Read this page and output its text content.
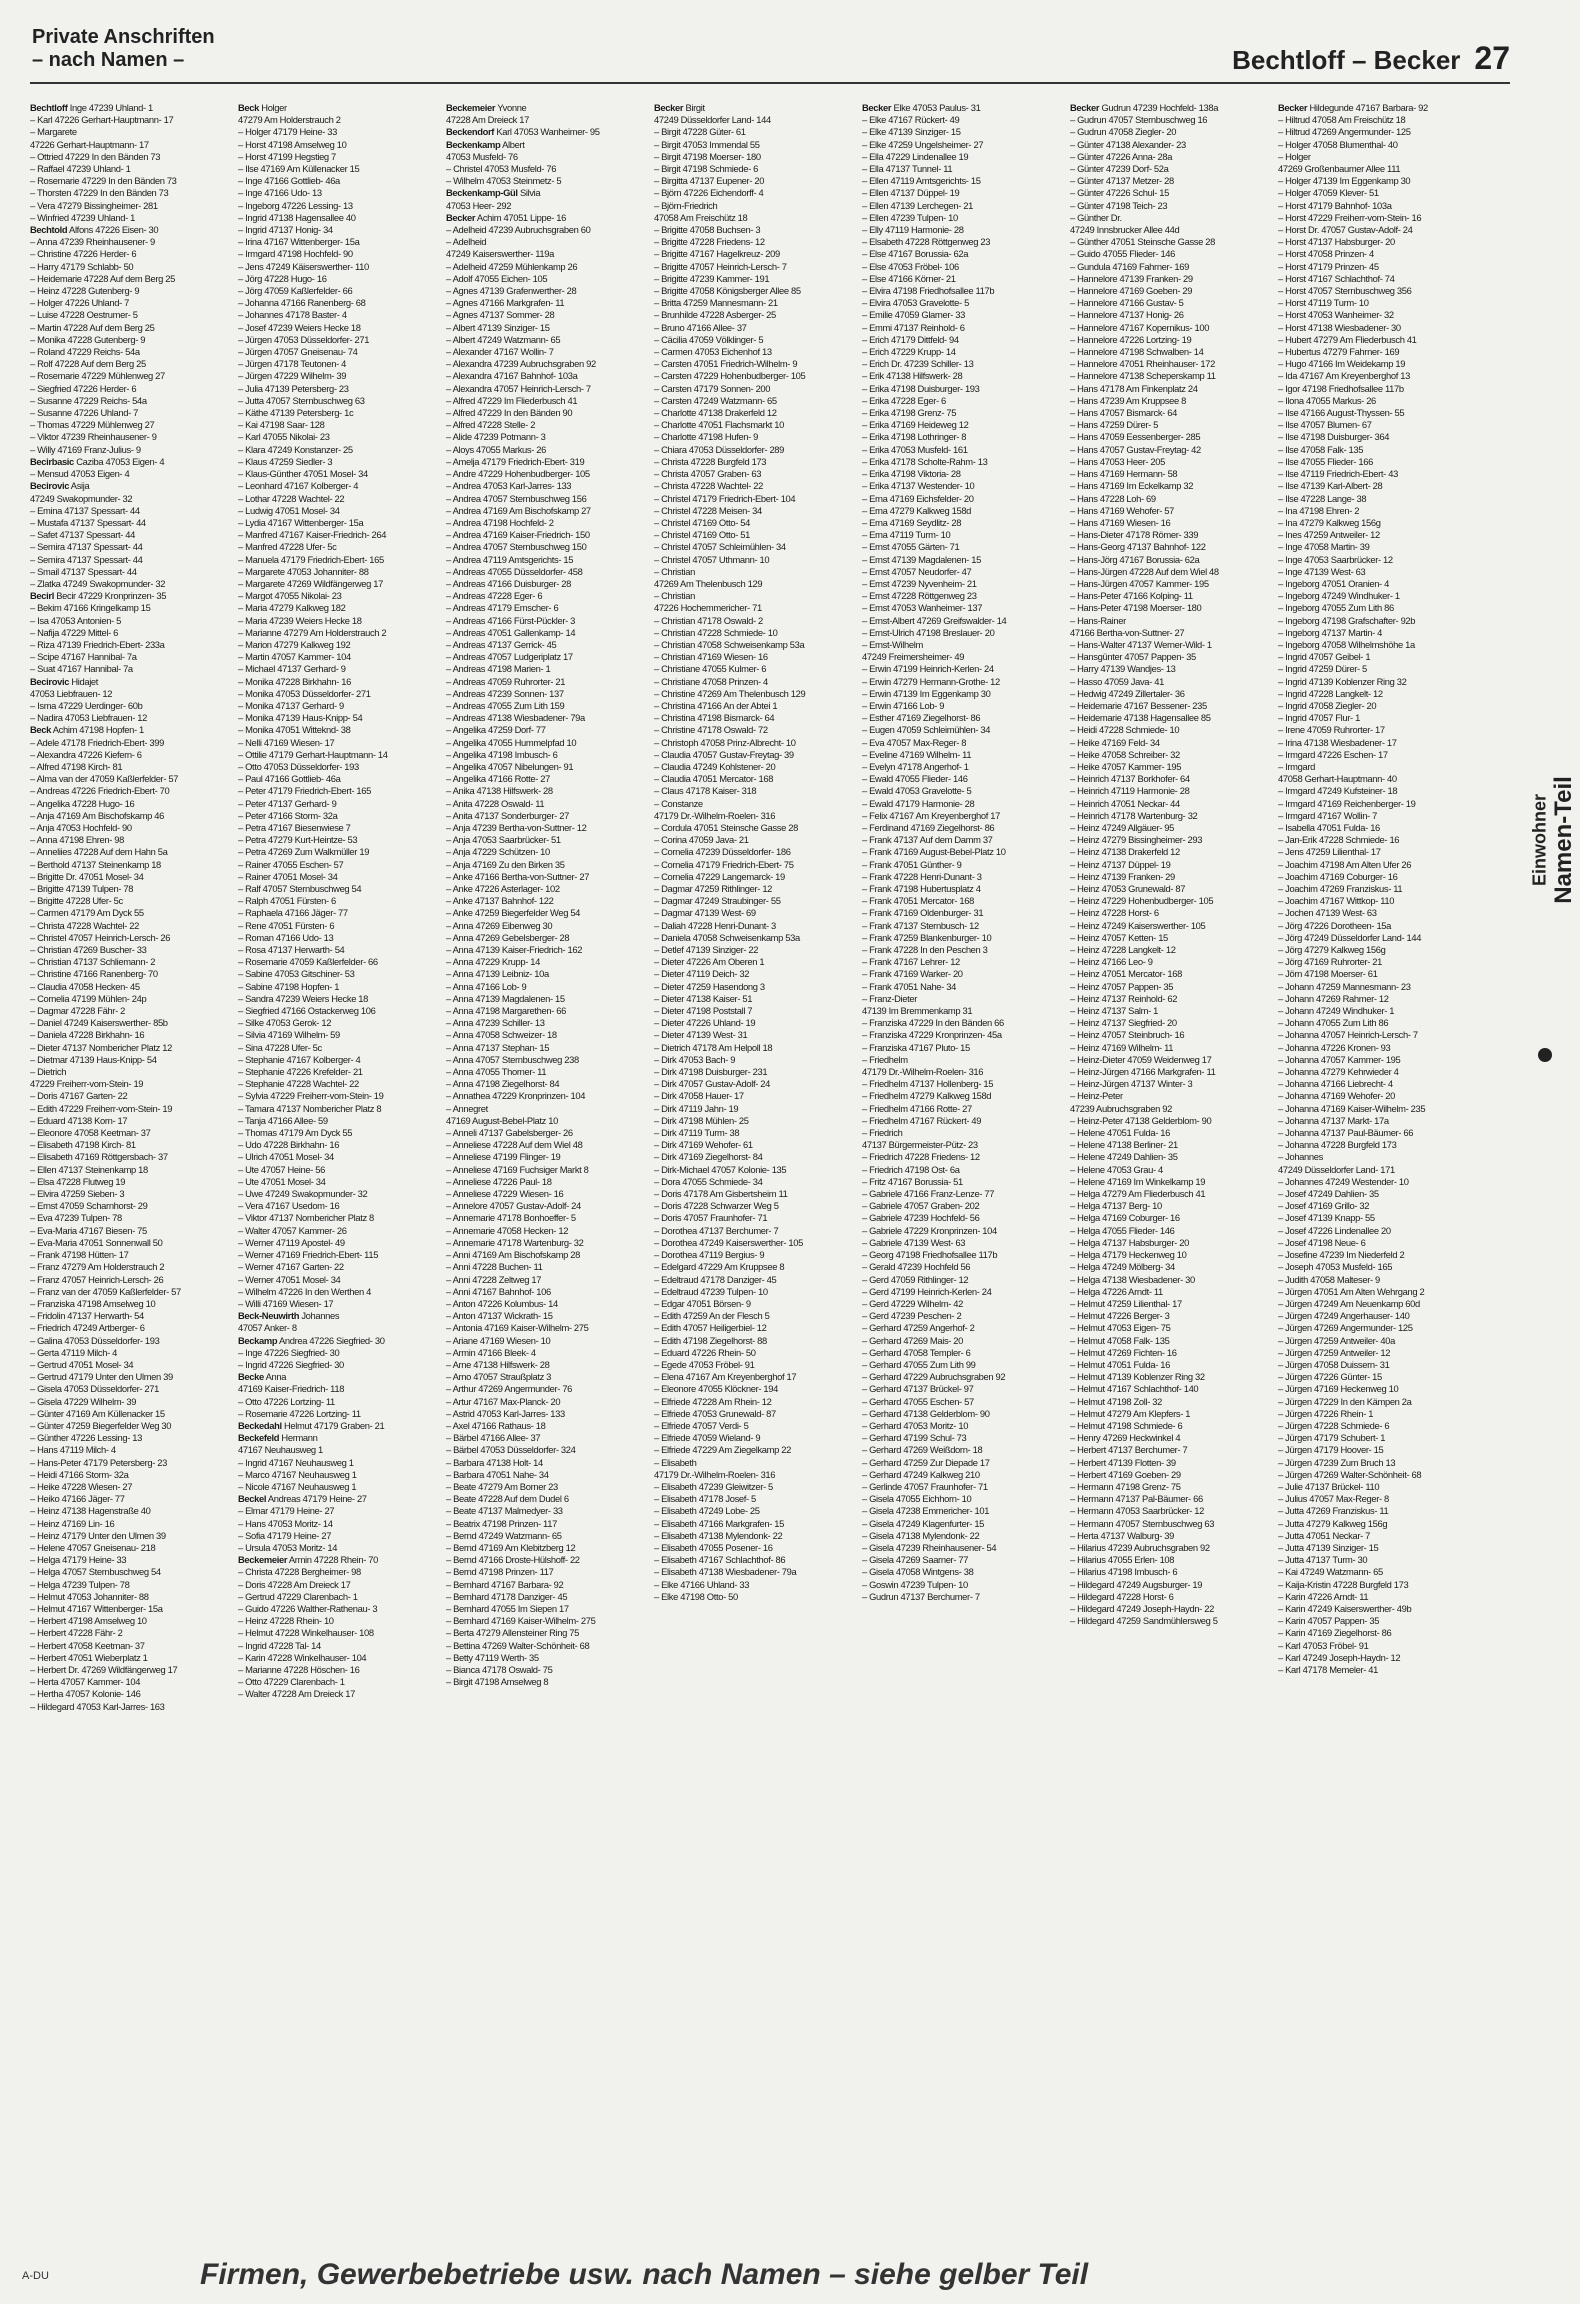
Private Anschriften
– nach Namen –	Bechtloff – Becker 27
Bechtloff Inge 47239 Uhland- 1
– Karl 47226 Gerhart-Hauptmann- 17
– Margarete
47226 Gerhart-Hauptmann- 17
– Ottried 47229 In den Bänden 73
– Raffael 47239 Uhland- 1
– Rosemarie 47229 In den Bänden 73
– Thorsten 47229 In den Bänden 73
– Vera 47279 Bissingheimer- 281
– Winfried 47239 Uhland- 1
Bechtold Alfons 47226 Eisen- 30
– Anna 47239 Rheinhausener- 9
– Christine 47226 Herder- 6
– Harry 47179 Schlabb- 50
– Heidemarie 47228 Auf dem Berg 25
– Heinz 47228 Gutenberg- 9
– Holger 47226 Uhland- 7
– Luise 47228 Oestrumer- 5
– Martin 47228 Auf dem Berg 25
– Monika 47228 Gutenberg- 9
– Roland 47229 Reichs- 54a
– Rolf 47228 Auf dem Berg 25
– Rosemarie 47229 Mühlenweg 27
– Siegfried 47226 Herder- 6
– Susanne 47229 Reichs- 54a
– Susanne 47226 Uhland- 7
– Thomas 47229 Mühlenweg 27
– Viktor 47239 Rheinhausener- 9
– Willy 47169 Franz-Julius- 9
Becirbasic Caziba 47053 Eigen- 4
– Mensud 47053 Eigen- 4
Becirovic Asija
47249 Swakopmunder- 32
– Emina 47137 Spessart- 44
– Mustafa 47137 Spessart- 44
– Safet 47137 Spessart- 44
– Semira 47137 Spessart- 44
– Semira 47137 Spessart- 44
– Smail 47137 Spessart- 44
– Zlatka 47249 Swakopmunder- 32
Becirl Becir 47229 Kronprinzen- 35
– Bekim 47166 Kringelkamp 15
– Isa 47053 Antonien- 5
– Nafija 47229 Mittel- 6
– Riza 47139 Friedrich-Ebert- 233a
– Scipe 47167 Hannibal- 7a
– Suat 47167 Hannibal- 7a
Becirovic Hidajet
47053 Liebfrauen- 12
– Isma 47229 Uerdinger- 60b
– Nadira 47053 Liebfrauen- 12
Beck Achim 47198 Hopfen- 1
– Adele 47178 Friedrich-Ebert- 399
– Alexandra 47226 Kiefern- 6
– Alfred 47198 Kirch- 81
– Alma van der 47059 Kaßlerfelder- 57
– Andreas 47226 Friedrich-Ebert- 70
– Angelika 47228 Hugo- 16
– Anja 47169 Am Bischofskamp 46
– Anja 47053 Hochfeld- 90
– Anna 47198 Ehren- 98
– Anneliies 47228 Auf dem Hahn 5a
– Berthold 47137 Steinenkamp 18
– Brigitte Dr. 47051 Mosel- 34
– Brigitte 47139 Tulpen- 78
– Brigitte 47228 Ufer- 5c
– Carmen 47179 Am Dyck 55
– Christa 47228 Wachtel- 22
– Christel 47057 Heinrich-Lersch- 26
– Christian 47269 Buscher- 33
– Christian 47137 Schliemann- 2
– Christine 47166 Ranenberg- 70
– Claudia 47058 Hecken- 45
– Cornelia 47199 Mühlen- 24p
– Dagmar 47228 Fähr- 2
– Daniel 47249 Kaiserswerther- 85b
– Daniela 47228 Birkhahn- 16
– Dieter 47137 Nombericher Platz 12
– Dietmar 47139 Haus-Knipp- 54
– Dietrich
47229 Freiherr-vom-Stein- 19
– Doris 47167 Garten- 22
– Edith 47229 Freiherr-vom-Stein- 19
– Eduard 47138 Korn- 17
– Eleonore 47058 Keetman- 37
– Elisabeth 47198 Kirch- 81
– Elisabeth 47169 Röttgersbach- 37
– Ellen 47137 Steinenkamp 18
– Elsa 47228 Flutweg 19
– Elvira 47259 Sieben- 3
– Ernst 47059 Scharnhorst- 29
– Eva 47239 Tulpen- 78
– Eva-Maria 47167 Biesen- 75
– Eva-Maria 47051 Sonnenwall 50
– Frank 47198 Hütten- 17
– Franz 47279 Am Holderstrauch 2
– Franz 47057 Heinrich-Lersch- 26
– Franz van der 47059 Kaßlerfelder- 57
– Franziska 47198 Amselweg 10
– Fridolin 47137 Herwarth- 54
– Friedrich 47249 Artberger- 6
– Galina 47053 Düsseldorfer- 193
– Gerta 47119 Milch- 4
– Gertrud 47051 Mosel- 34
– Gertrud 47179 Unter den Ulmen 39
– Gisela 47053 Düsseldorfer- 271
– Gisela 47229 Wilhelm- 39
– Günter 47169 Am Küllenacker 15
– Günter 47259 Biegerfelder Weg 30
– Günther 47226 Lessing- 13
– Hans 47119 Milch- 4
– Hans-Peter 47179 Petersberg- 23
– Heidi 47166 Storm- 32a
– Heike 47228 Wiesen- 27
– Heiko 47166 Jäger- 77
– Heinz 47138 Hagenstraße 40
– Heinz 47169 Lin- 16
– Heinz 47179 Unter den Ulmen 39
– Helene 47057 Gneisenau- 218
– Helga 47179 Heine- 33
– Helga 47057 Sternbuschweg 54
– Helga 47239 Tulpen- 78
– Helmut 47053 Johanniter- 88
– Helmut 47167 Wittenberger- 15a
– Herbert 47198 Amselweg 10
– Herbert 47228 Fähr- 2
– Herbert 47058 Keetman- 37
– Herbert 47051 Wieberplatz 1
– Herbert Dr. 47269 Wildfängerweg 17
– Herta 47057 Kammer- 104
– Hertha 47057 Kolonie- 146
– Hildegard 47053 Karl-Jarres- 163
Beck Holger
47279 Am Holderstrauch 2
– Holger 47179 Heine- 33
– Horst 47198 Amselweg 10
– Horst 47199 Hegstieg 7
– Ilse 47169 Am Küllenacker 15
– Inge 47166 Gottlieb- 46a
– Inge 47166 Udo- 13
– Ingeborg 47226 Lessing- 13
– Ingrid 47138 Hagensallee 40
– Ingrid 47137 Honig- 34
– Irina 47167 Wittenberger- 15a
– Irmgard 47198 Hochfeld- 90
– Jens 47249 Käiserswerther- 110
– Jörg 47228 Hugo- 16
– Jörg 47059 Kaßlerfelder- 66
– Johanna 47166 Ranenberg- 68
– Johannes 47178 Baster- 4
– Josef 47239 Weiers Hecke 18
– Jürgen 47053 Düsseldorfer- 271
– Jürgen 47057 Gneisenau- 74
– Jürgen 47178 Teutonen- 4
– Jürgen 47229 Wilhelm- 39
– Julia 47139 Petersberg- 23
– Jutta 47057 Sternbuschweg 63
– Käthe 47139 Petersberg- 1c
– Kai 47198 Saar- 128
– Karl 47055 Nikolai- 23
– Klara 47249 Konstanzer- 25
– Klaus 47259 Siedler- 3
– Klaus-Günther 47051 Mosel- 34
– Leonhard 47167 Kolberger- 4
– Lothar 47228 Wachtel- 22
– Ludwig 47051 Mosel- 34
– Lydia 47167 Wittenberger- 15a
– Manfred 47167 Kaiser-Friedrich- 264
– Manfred 47228 Ufer- 5c
– Manuela 47179 Friedrich-Ebert- 165
– Margarete 47053 Johanniter- 88
– Margarete 47269 Wildfängerweg 17
– Margot 47055 Nikolai- 23
– Maria 47279 Kalkweg 182
– Maria 47239 Weiers Hecke 18
– Marianne 47279 Am Holderstrauch 2
– Marion 47279 Kalkweg 192
– Martin 47057 Kammer- 104
– Michael 47137 Gerhard- 9
– Monika 47228 Birkhahn- 16
– Monika 47053 Düsseldorfer- 271
– Monika 47137 Gerhard- 9
– Monika 47139 Haus-Knipp- 54
– Monika 47051 Witteknd- 38
– Nelli 47169 Wiesen- 17
– Ottilie 47179 Gerhart-Hauptmann- 14
– Otto 47053 Düsseldorfer- 193
– Paul 47166 Gottlieb- 46a
– Peter 47179 Friedrich-Ebert- 165
– Peter 47137 Gerhard- 9
– Peter 47166 Storm- 32a
– Petra 47167 Biesenwiese 7
– Petra 47279 Kurt-Heintze- 53
– Petra 47269 Zum Walkmüller 19
– Rainer 47055 Eschen- 57
– Rainer 47051 Mosel- 34
– Ralf 47057 Sternbuschweg 54
– Ralph 47051 Fürsten- 6
– Raphaela 47166 Jäger- 77
– Rene 47051 Fürsten- 6
– Roman 47166 Udo- 13
– Rosa 47137 Herwarth- 54
– Rosemarie 47059 Kaßlerfelder- 66
– Sabine 47053 Gitschiner- 53
– Sabine 47198 Hopfen- 1
– Sandra 47239 Weiers Hecke 18
– Siegfried 47166 Ostackerweg 106
– Silke 47053 Gerok- 12
– Silvia 47169 Wilhelm- 59
– Sina 47228 Ufer- 5c
– Stephanie 47167 Kolberger- 4
– Stephanie 47226 Krefelder- 21
– Stephanie 47228 Wachtel- 22
– Sylvia 47229 Freiherr-vom-Stein- 19
– Tamara 47137 Nombericher Platz 8
– Tanja 47166 Allee- 59
– Thomas 47179 Am Dyck 55
– Udo 47228 Birkhahn- 16
– Ulrich 47051 Mosel- 34
– Ute 47057 Heine- 56
– Ute 47051 Mosel- 34
– Uwe 47249 Swakopmunder- 32
– Vera 47167 Usedom- 16
– Viktor 47137 Nombericher Platz 8
– Walter 47057 Kammer- 26
– Werner 47119 Apostel- 49
– Werner 47169 Friedrich-Ebert- 115
– Werner 47167 Garten- 22
– Werner 47051 Mosel- 34
– Wilhelm 47226 In den Werthen 4
– Willi 47169 Wiesen- 17
Beck-Neuwirth Johannes
47057 Anker- 8
Beckamp Andrea 47226 Siegfried- 30
– Inge 47226 Siegfried- 30
– Ingrid 47226 Siegfried- 30
Becke Anna
47169 Kaiser-Friedrich- 118
– Otto 47226 Lortzing- 11
– Rosemarie 47226 Lortzing- 11
Beckedahl Helmut 47179 Graben- 21
Beckefeld Hermann
47167 Neuhausweg 1
– Ingrid 47167 Neuhausweg 1
– Marco 47167 Neuhausweg 1
– Nicole 47167 Neuhausweg 1
Beckel Andreas 47179 Heine- 27
– Elmar 47179 Heine- 27
– Hans 47053 Moritz- 14
– Sofia 47179 Heine- 27
– Ursula 47053 Moritz- 14
Beckemeier Armin 47228 Rhein- 70
– Christa 47228 Bergheimer- 98
– Doris 47228 Am Dreieck 17
– Gertrud 47229 Clarenbach- 1
– Guido 47226 Walther-Rathenau- 3
– Heinz 47228 Rhein- 10
– Helmut 47228 Winkelhauser- 108
– Ingrid 47228 Tal- 14
– Karin 47228 Winkelhauser- 104
– Marianne 47228 Höschen- 16
– Otto 47229 Clarenbach- 1
– Walter 47228 Am Dreieck 17
Beckemeier Yvonne
47228 Am Dreieck 17
Beckendorf Karl 47053 Wanheimer- 95
Beckenkamp Albert
47053 Musfeld- 76
– Christel 47053 Musfeld- 76
– Wilhelm 47053 Steinmetz- 5
Beckenkamp-Gül Silvia
47053 Heer- 292
Becker Achim 47051 Lippe- 16
– Adelheid 47239 Aubruchsgraben 60
– Adelheid
47249 Kaiserswerther- 119a
– Adelheid 47259 Mühlenkamp 26
– Adolf 47055 Eichen- 105
– Agnes 47139 Grafenwerther- 28
– Agnes 47166 Markgrafen- 11
– Agnes 47137 Sommer- 28
– Albert 47139 Sinziger- 15
– Albert 47249 Watzmann- 65
– Alexander 47167 Wollin- 7
– Alexandra 47239 Aubruchsgraben 92
– Alexandra 47167 Bahnhof- 103a
– Alexandra 47057 Heinrich-Lersch- 7
– Alfred 47229 Im Fliederbusch 41
– Alfred 47229 In den Bänden 90
– Alfred 47228 Stelle- 2
– Alide 47239 Potmann- 3
– Aloys 47055 Markus- 26
– Amelja 47179 Friedrich-Ebert- 319
– Andre 47229 Hohenbudberger- 105
– Andrea 47053 Karl-Jarres- 133
– Andrea 47057 Sternbuschweg 156
– Andrea 47169 Am Bischofskamp 27
– Andrea 47198 Hochfeld- 2
– Andrea 47169 Kaiser-Friedrich- 150
– Andrea 47057 Sternbuschweg 150
– Andrea 47119 Amtsgerichts- 15
– Andreas 47055 Düsseldorfer- 458
– Andreas 47166 Duisburger- 28
– Andreas 47228 Eger- 6
– Andreas 47179 Emscher- 6
– Andreas 47166 Fürst-Pückler- 3
– Andreas 47051 Gallenkamp- 14
– Andreas 47137 Gerrick- 45
– Andreas 47057 Ludgeriplatz 17
– Andreas 47198 Marien- 1
– Andreas 47059 Ruhrorter- 21
– Andreas 47239 Sonnen- 137
– Andreas 47055 Zum Lith 159
– Andreas 47138 Wiesbadener- 79a
– Angelika 47259 Dorf- 77
– Angelika 47055 Hummelpfad 10
– Angelika 47198 Imbusch- 6
– Angelika 47057 Nibelungen- 91
– Angelika 47166 Rotte- 27
– Anika 47138 Hilfswerk- 28
– Anita 47228 Oswald- 11
– Anita 47137 Sonderburger- 27
– Anja 47239 Bertha-von-Suttner- 12
– Anja 47053 Saarbrücker- 51
– Anja 47229 Schützen- 10
– Anja 47169 Zu den Birken 35
– Anke 47166 Bertha-von-Suttner- 27
– Anke 47226 Asterlager- 102
– Anke 47137 Bahnhof- 122
– Anke 47259 Biegerfelder Weg 54
– Anna 47269 Eibenweg 30
– Anna 47269 Gebelsberger- 28
– Anna 47139 Kaiser-Friedrich- 162
– Anna 47229 Krupp- 14
– Anna 47139 Leibniz- 10a
– Anna 47166 Lob- 9
– Anna 47139 Magdalenen- 15
– Anna 47198 Margarethen- 66
– Anna 47239 Schiller- 13
– Anna 47058 Schweizer- 18
– Anna 47137 Stephan- 15
– Anna 47057 Sternbuschweg 238
– Anna 47055 Thorner- 11
– Anna 47198 Ziegelhorst- 84
– Annathea 47229 Kronprinzen- 104
– Annegret
47169 August-Bebel-Platz 10
– Anneli 47137 Gabelsberger- 26
– Anneliese 47228 Auf dem Wiel 48
– Anneliese 47199 Flinger- 19
– Anneliese 47169 Fuchsiger Markt 8
– Anneliese 47226 Paul- 18
– Anneliese 47229 Wiesen- 16
– Annelore 47057 Gustav-Adolf- 24
– Annemarie 47178 Bonhoeffer- 5
– Annemarie 47058 Hecken- 12
– Annemarie 47178 Wartenburg- 32
– Anni 47169 Am Bischofskamp 28
– Anni 47228 Buchen- 11
– Anni 47228 Zeltweg 17
– Anni 47167 Bahnhof- 106
– Anton 47226 Kolumbus- 14
– Anton 47137 Wickrath- 15
– Antonia 47169 Kaiser-Wilhelm- 275
– Ariane 47169 Wiesen- 10
– Armin 47166 Bleek- 4
– Arne 47138 Hilfswerk- 28
– Arno 47057 Straußplatz 3
– Arthur 47269 Angermunder- 76
– Artur 47167 Max-Planck- 20
– Astrid 47053 Karl-Jarres- 133
– Axel 47166 Rathaus- 18
– Bärbel 47166 Allee- 37
– Bärbel 47053 Düsseldorfer- 324
– Barbara 47138 Holt- 14
– Barbara 47051 Nahe- 34
– Beate 47279 Am Borner 23
– Beate 47228 Auf dem Dudel 6
– Beate 47137 Malmedyer- 33
– Beatrix 47198 Prinzen- 117
– Bernd 47249 Watzmann- 65
– Bernd 47169 Am Klebitzberg 12
– Bernd 47166 Droste-Hülshoff- 22
– Bernd 47198 Prinzen- 117
– Bernhard 47167 Barbara- 92
– Bernhard 47178 Danziger- 45
– Bernhard 47055 Im Siepen 17
– Bernhard 47169 Kaiser-Wilhelm- 275
– Berta 47279 Allensteiner Ring 75
– Bettina 47269 Walter-Schönheit- 68
– Betty 47119 Werth- 35
– Bianca 47178 Oswald- 75
– Birgit 47198 Amselweg 8
Becker Birgit
47249 Düsseldorfer Land- 144
– Birgit 47228 Güter- 61
– Birgit 47053 Immendal 55
– Birgit 47198 Moerser- 180
– Birgit 47198 Schmiede- 6
– Birgitta 47137 Eupener- 20
– Björn 47226 Eichendorff- 4
– Björn-Friedrich
47058 Am Freischütz 18
– Brigitte 47058 Buchsen- 3
– Brigitte 47228 Friedens- 12
– Brigitte 47167 Hagelkreuz- 209
– Brigitte 47057 Heinrich-Lersch- 7
– Brigitte 47239 Kammer- 191
– Brigitte 47058 Königsberger Allee 85
– Britta 47259 Mannesmann- 21
– Brunhilde 47228 Asberger- 25
– Bruno 47166 Allee- 37
– Cäcilia 47059 Völklinger- 5
– Carmen 47053 Eichenhof 13
– Carsten 47051 Friedrich-Wilhelm- 9
– Carsten 47229 Hohenbudberger- 105
– Carsten 47179 Sonnen- 200
– Carsten 47249 Watzmann- 65
– Charlotte 47138 Drakerfeld 12
– Charlotte 47051 Flachsmarkt 10
– Charlotte 47198 Hufen- 9
– Chiara 47053 Düsseldorfer- 289
– Christa 47228 Burgfeld 173
– Christa 47057 Graben- 63
– Christa 47228 Wachtel- 22
– Christel 47179 Friedrich-Ebert- 104
– Christel 47228 Meisen- 34
– Christel 47169 Otto- 54
– Christel 47169 Otto- 51
– Christel 47057 Schleimühlen- 34
– Christel 47057 Uthmann- 10
– Christian
47269 Am Thelenbusch 129
– Christian
47226 Hochemmericher- 71
– Christian 47178 Oswald- 2
– Christian 47228 Schmiede- 10
– Christian 47058 Schweisenkamp 53a
– Christian 47169 Wiesen- 16
– Christiane 47055 Kulmer- 6
– Christiane 47058 Prinzen- 4
– Christine 47269 Am Thelenbusch 129
– Christina 47166 An der Abtei 1
– Christina 47198 Bismarck- 64
– Christine 47178 Oswald- 72
– Christoph 47058 Prinz-Albrecht- 10
– Claudia 47057 Gustav-Freytag- 39
– Claudia 47249 Kohlstener- 20
– Claudia 47051 Mercator- 168
– Claus 47178 Kaiser- 318
– Constanze
47179 Dr.-Wilhelm-Roelen- 316
– Cordula 47051 Steinsche Gasse 28
– Corina 47059 Java- 21
– Cornelia 47239 Düsseldorfer- 186
– Cornelia 47179 Friedrich-Ebert- 75
– Cornelia 47229 Langemarck- 19
– Dagmar 47259 Rithlinger- 12
– Dagmar 47249 Straubinger- 55
– Dagmar 47139 West- 69
– Daliah 47228 Henri-Dunant- 3
– Daniela 47058 Schweisenkamp 53a
– Detlef 47139 Sinziger- 22
– Dieter 47226 Am Oberen 1
– Dieter 47119 Deich- 32
– Dieter 47259 Hasendong 3
– Dieter 47138 Kaiser- 51
– Dieter 47198 Poststall 7
– Dieter 47226 Uhland- 19
– Dieter 47139 West- 31
– Dietrich 47178 Am Helpoll 18
– Dirk 47053 Bach- 9
– Dirk 47198 Duisburger- 231
– Dirk 47057 Gustav-Adolf- 24
– Dirk 47058 Hauer- 17
– Dirk 47119 Jahn- 19
– Dirk 47198 Mühlen- 25
– Dirk 47119 Turm- 38
– Dirk 47169 Wehofer- 61
– Dirk 47169 Ziegelhorst- 84
– Dirk-Michael 47057 Kolonie- 135
– Dora 47055 Schmiede- 34
– Doris 47178 Am Gisbertsheim 11
– Doris 47228 Schwarzer Weg 5
– Doris 47057 Fraunhofer- 71
– Dorothea 47137 Berchumer- 7
– Dorothea 47249 Kaiserswerther- 105
– Dorothea 47119 Bergius- 9
– Edelgard 47229 Am Kruppsee 8
– Edeltraud 47178 Danziger- 45
– Edeltraud 47239 Tulpen- 10
– Edgar 47051 Börsen- 9
– Edith 47259 An der Flesch 5
– Edith 47057 Heiligerbiel- 12
– Edith 47198 Ziegelhorst- 88
– Eduard 47226 Rhein- 50
– Egede 47053 Fröbel- 91
– Elena 47167 Am Kreyenberghof 17
– Eleonore 47055 Klöckner- 194
– Elfriede 47228 Am Rhein- 12
– Elfriede 47053 Grunewald- 87
– Elfriede 47057 Verdi- 5
– Elfriede 47059 Wieland- 9
– Elfriede 47229 Am Ziegelkamp 22
– Elisabeth
47179 Dr.-Wilhelm-Roelen- 316
– Elisabeth 47239 Gleiwitzer- 5
– Elisabeth 47178 Josef- 5
– Elisabeth 47249 Lobe- 25
– Elisabeth 47166 Markgrafen- 15
– Elisabeth 47138 Mylendonk- 22
– Elisabeth 47055 Posener- 16
– Elisabeth 47167 Schlachthof- 86
– Elisabeth 47138 Wiesbadener- 79a
– Elke 47166 Uhland- 33
– Elke 47198 Otto- 50
Becker Elke 47053 Paulus- 31
– Elke 47167 Rückert- 49
– Elke 47139 Sinziger- 15
– Elke 47259 Ungelsheimer- 27
– Ella 47229 Lindenallee 19
– Ella 47137 Tunnel- 11
– Ellen 47119 Amtsgerichts- 15
– Ellen 47137 Düppel- 19
– Ellen 47139 Lerchegen- 21
– Ellen 47239 Tulpen- 10
– Elly 47119 Harmonie- 28
– Elsabeth 47228 Röttgenweg 23
– Else 47167 Borussia- 62a
– Else 47053 Fröbel- 106
– Else 47166 Körner- 21
– Elvira 47198 Friedhofsallee 117b
– Elvira 47053 Gravelotte- 5
– Emilie 47059 Glarner- 33
– Emmi 47137 Reinhold- 6
– Erich 47179 Dittfeld- 94
– Erich 47229 Krupp- 14
– Erich Dr. 47239 Schiller- 13
– Erik 47138 Hilfswerk- 28
– Erika 47198 Duisburger- 193
– Erika 47228 Eger- 6
– Erika 47198 Grenz- 75
– Erika 47169 Heideweg 12
– Erika 47198 Lothringer- 8
– Erika 47053 Musfeld- 161
– Erika 47178 Scholte-Rahm- 13
– Erika 47198 Viktoria- 28
– Erika 47137 Westender- 10
– Erna 47169 Eichsfelder- 20
– Erna 47279 Kalkweg 158d
– Erna 47169 Seydlitz- 28
– Erna 47119 Turm- 10
– Ernst 47055 Gärten- 71
– Ernst 47139 Magdalenen- 15
– Ernst 47057 Neudorfer- 47
– Ernst 47239 Nyvenheim- 21
– Ernst 47228 Röttgenweg 23
– Ernst 47053 Wanheimer- 137
– Ernst-Albert 47269 Greifswalder- 14
– Ernst-Ulrich 47198 Breslauer- 20
– Ernst-Wilhelm
47249 Freimersheimer- 49
– Erwin 47199 Heinrich-Kerlen- 24
– Erwin 47279 Hermann-Grothe- 12
– Erwin 47139 Im Eggenkamp 30
– Erwin 47166 Lob- 9
– Esther 47169 Ziegelhorst- 86
– Eugen 47059 Schleimühlen- 34
– Eva 47057 Max-Reger- 8
– Eveline 47169 Wilhelm- 11
– Evelyn 47178 Angerhof- 1
– Ewald 47055 Flieder- 146
– Ewald 47053 Gravelotte- 5
– Ewald 47179 Harmonie- 28
– Felix 47167 Am Kreyenberghof 17
– Ferdinand 47169 Ziegelhorst- 86
– Frank 47137 Auf dem Damm 37
– Frank 47169 August-Bebel-Platz 10
– Frank 47051 Günther- 9
– Frank 47228 Henri-Dunant- 3
– Frank 47198 Hubertusplatz 4
– Frank 47051 Mercator- 168
– Frank 47169 Oldenburger- 31
– Frank 47137 Sternbusch- 12
– Frank 47259 Blankenburger- 10
– Frank 47228 In den Peschen 3
– Frank 47167 Lehrer- 12
– Frank 47169 Warker- 20
– Frank 47051 Nahe- 34
– Franz-Dieter
47139 Im Bremmenkamp 31
– Franziska 47229 In den Bänden 66
– Franziska 47229 Kronprinzen- 45a
– Franziska 47167 Pluto- 15
– Friedhelm
47179 Dr.-Wilhelm-Roelen- 316
– Friedhelm 47137 Hollenberg- 15
– Friedhelm 47279 Kalkweg 158d
– Friedhelm 47166 Rotte- 27
– Friedhelm 47167 Rückert- 49
– Friedrich
47137 Bürgermeister-Pütz- 23
– Friedrich 47228 Friedens- 12
– Friedrich 47198 Ost- 6a
– Fritz 47167 Borussia- 51
– Gabriele 47166 Franz-Lenze- 77
– Gabriele 47057 Graben- 202
– Gabriele 47239 Hochfeld- 56
– Gabriele 47229 Kronprinzen- 104
– Gabriele 47139 West- 63
– Georg 47198 Friedhofsallee 117b
– Gerald 47239 Hochfeld 56
– Gerd 47059 Rithlinger- 12
– Gerd 47199 Heinrich-Kerlen- 24
– Gerd 47229 Wilhelm- 42
– Gerd 47239 Peschen- 2
– Gerhard 47259 Angerhof- 2
– Gerhard 47269 Mais- 20
– Gerhard 47058 Templer- 6
– Gerhard 47055 Zum Lith 99
– Gerhard 47229 Aubruchsgraben 92
– Gerhard 47137 Brückel- 97
– Gerhard 47055 Eschen- 57
– Gerhard 47138 Gelderblom- 90
– Gerhard 47053 Moritz- 10
– Gerhard 47199 Schul- 73
– Gerhard 47269 Weißdorn- 18
– Gerhard 47259 Zur Diepade 17
– Gerhard 47249 Kalkweg 210
– Gerlinde 47057 Fraunhofer- 71
– Gisela 47055 Eichhorn- 10
– Gisela 47238 Emmericher- 101
– Gisela 47249 Klagenfurter- 15
– Gisela 47138 Mylendonk- 22
– Gisela 47239 Rheinhausener- 54
– Gisela 47269 Saarner- 77
– Gisela 47058 Wintgens- 38
– Goswin 47239 Tulpen- 10
– Gudrun 47137 Berchumer- 7
Becker Gudrun 47239 Hochfeld- 138a
– Gudrun 47057 Sternbuschweg 16
– Gudrun 47058 Ziegler- 20
– Günter 47138 Alexander- 23
– Günter 47226 Anna- 28a
– Günter 47239 Dorf- 52a
– Günter 47137 Metzer- 28
– Günter 47226 Schul- 15
– Günter 47198 Teich- 23
– Günther Dr.
47249 Innsbrucker Allee 44d
– Günther 47051 Steinsche Gasse 28
– Guido 47055 Flieder- 146
– Gundula 47169 Fahrner- 169
– Hannelore 47139 Franken- 29
– Hannelore 47169 Goeben- 29
– Hannelore 47166 Gustav- 5
– Hannelore 47137 Honig- 26
– Hannelore 47167 Kopernikus- 100
– Hannelore 47226 Lortzing- 19
– Hannelore 47198 Schwalben- 14
– Hannelore 47051 Rheinhauser- 172
– Hannelore 47138 Scheperskamp 11
– Hans 47178 Am Finkenplatz 24
– Hans 47239 Am Kruppsee 8
– Hans 47057 Bismarck- 64
– Hans 47259 Dürer- 5
– Hans 47059 Eessenberger- 285
– Hans 47057 Gustav-Freytag- 42
– Hans 47053 Heer- 205
– Hans 47169 Hermann- 58
– Hans 47169 Im Eckelkamp 32
– Hans 47228 Loh- 69
– Hans 47169 Wehofer- 57
– Hans 47169 Wiesen- 16
– Hans-Dieter 47178 Römer- 339
– Hans-Georg 47137 Bahnhof- 122
– Hans-Jörg 47167 Borussia- 62a
– Hans-Jürgen 47228 Auf dem Wiel 48
– Hans-Jürgen 47057 Kammer- 195
– Hans-Peter 47166 Kolping- 11
– Hans-Peter 47198 Moerser- 180
– Hans-Rainer
47166 Bertha-von-Suttner- 27
– Hans-Walter 47137 Werner-Wild- 1
– Hansgünter 47057 Pappen- 35
– Harry 47139 Wandjes- 13
– Hasso 47059 Java- 41
– Hedwig 47249 Zillertaler- 36
– Heidemarie 47167 Bessener- 235
– Heidemarie 47138 Hagensallee 85
– Heidi 47228 Schmiede- 10
– Heike 47169 Feld- 34
– Heike 47058 Schreiber- 32
– Heike 47057 Kammer- 195
– Heinrich 47137 Borkhofer- 64
– Heinrich 47119 Harmonie- 28
– Heinrich 47051 Neckar- 44
– Heinrich 47178 Wartenburg- 32
– Heinz 47249 Allgäuer- 95
– Heinz 47279 Bissingheimer- 293
– Heinz 47138 Drakerfeld 12
– Heinz 47137 Düppel- 19
– Heinz 47139 Franken- 29
– Heinz 47053 Grunewald- 87
– Heinz 47229 Hohenbudberger- 105
– Heinz 47228 Horst- 6
– Heinz 47249 Kaiserswerther- 105
– Heinz 47057 Ketten- 15
– Heinz 47228 Langkelt- 12
– Heinz 47166 Leo- 9
– Heinz 47051 Mercator- 168
– Heinz 47057 Pappen- 35
– Heinz 47137 Reinhold- 62
– Heinz 47137 Salm- 1
– Heinz 47137 Siegfried- 20
– Heinz 47057 Steinbruch- 16
– Heinz 47169 Wilhelm- 11
– Heinz-Dieter 47059 Weidenweg 17
– Heinz-Jürgen 47166 Markgrafen- 11
– Heinz-Jürgen 47137 Winter- 3
– Heinz-Peter
47239 Aubruchsgraben 92
– Heinz-Peter 47138 Gelderblom- 90
– Helene 47051 Fulda- 16
– Helene 47138 Berliner- 21
– Helene 47249 Dahlien- 35
– Helene 47053 Grau- 4
– Helene 47169 Im Winkelkamp 19
– Helga 47279 Am Fliederbusch 41
– Helga 47137 Berg- 10
– Helga 47169 Coburger- 16
– Helga 47055 Flieder- 146
– Helga 47137 Habsburger- 20
– Helga 47179 Heckenweg 10
– Helga 47249 Mölberg- 34
– Helga 47138 Wiesbadener- 30
– Helga 47226 Arndt- 11
– Helmut 47259 Lilienthal- 17
– Helmut 47226 Berger- 3
– Helmut 47053 Eigen- 75
– Helmut 47058 Falk- 135
– Helmut 47269 Fichten- 16
– Helmut 47051 Fulda- 16
– Helmut 47139 Koblenzer Ring 32
– Helmut 47167 Schlachthof- 140
– Helmut 47198 Zoll- 32
– Helmut 47279 Am Klepfers- 1
– Helmut 47198 Schmiede- 6
– Henry 47269 Heckwinkel 4
– Herbert 47137 Berchumer- 7
– Herbert 47139 Flotten- 39
– Herbert 47169 Goeben- 29
– Hermann 47198 Grenz- 75
– Hermann 47137 Pal-Bäumer- 66
– Hermann 47053 Saarbrücker- 12
– Hermann 47057 Sternbuschweg 63
– Herta 47137 Walburg- 39
– Hilarius 47239 Aubruchsgraben 92
– Hilarius 47055 Erlen- 108
– Hilarius 47198 Imbusch- 6
– Hildegard 47249 Augsburger- 19
– Hildegard 47228 Horst- 6
– Hildegard 47249 Joseph-Haydn- 22
– Hildegard 47259 Sandmühlersweg 5
Becker Hildegunde 47167 Barbara- 92
– Hiltrud 47058 Am Freischütz 18
– Hiltrud 47269 Angermunder- 125
– Holger 47058 Blumenthal- 40
– Holger
47269 Großenbaumer Allee 111
– Holger 47139 Im Eggenkamp 30
– Holger 47059 Klever- 51
– Horst 47179 Bahnhof- 103a
– Horst 47229 Freiherr-vom-Stein- 16
– Horst Dr. 47057 Gustav-Adolf- 24
– Horst 47137 Habsburger- 20
– Horst 47058 Prinzen- 4
– Horst 47179 Prinzen- 45
– Horst 47167 Schlachthof- 74
– Horst 47057 Sternbuschweg 356
– Horst 47119 Turm- 10
– Horst 47053 Wanheimer- 32
– Horst 47138 Wiesbadener- 30
– Hubert 47279 Am Fliederbusch 41
– Hubertus 47279 Fahrner- 169
– Hugo 47166 Im Weidekamp 19
– Ida 47167 Am Kreyenberghof 13
– Igor 47198 Friedhofsallee 117b
– Ilona 47055 Markus- 26
– Ilse 47166 August-Thyssen- 55
– Ilse 47057 Blumen- 67
– Ilse 47198 Duisburger- 364
– Ilse 47058 Falk- 135
– Ilse 47055 Flieder- 166
– Ilse 47119 Friedrich-Ebert- 43
– Ilse 47139 Karl-Albert- 28
– Ilse 47228 Lange- 38
– Ina 47198 Ehren- 2
– Ina 47279 Kalkweg 156g
– Ines 47259 Antweiler- 12
– Inge 47058 Martin- 39
– Inge 47053 Saarbrücker- 12
– Inge 47139 West- 63
– Ingeborg 47051 Oranien- 4
– Ingeborg 47249 Windhuker- 1
– Ingeborg 47055 Zum Lith 86
– Ingeborg 47198 Grafschafter- 92b
– Ingeborg 47137 Martin- 4
– Ingeborg 47058 Wilhelmshöhe 1a
– Ingrid 47057 Geibel- 1
– Ingrid 47259 Dürer- 5
– Ingrid 47139 Koblenzer Ring 32
– Ingrid 47228 Langkelt- 12
– Ingrid 47058 Ziegler- 20
– Ingrid 47057 Flur- 1
– Irene 47059 Ruhrorter- 17
– Irina 47138 Wiesbadener- 17
– Irmgard 47226 Eschen- 17
– Irmgard
47058 Gerhart-Hauptmann- 40
– Irmgard 47249 Kufsteiner- 18
– Irmgard 47169 Reichenberger- 19
– Irmgard 47167 Wollin- 7
– Isabella 47051 Fulda- 16
– Jan-Erik 47228 Schmiede- 16
– Jens 47259 Lilienthal- 17
– Joachim 47198 Am Alten Ufer 26
– Joachim 47169 Coburger- 16
– Joachim 47269 Franziskus- 11
– Joachim 47167 Wittkop- 110
– Jochen 47139 West- 63
– Jörg 47226 Dorotheen- 15a
– Jörg 47249 Düsseldorfer Land- 144
– Jörg 47279 Kalkweg 156g
– Jörg 47169 Ruhrorter- 21
– Jörn 47198 Moerser- 61
– Johann 47259 Mannesmann- 23
– Johann 47269 Rahmer- 12
– Johann 47249 Windhuker- 1
– Johann 47055 Zum Lith 86
– Johanna 47057 Heinrich-Lersch- 7
– Johanna 47226 Kronen- 93
– Johanna 47057 Kammer- 195
– Johanna 47279 Kehrwieder 4
– Johanna 47166 Liebrecht- 4
– Johanna 47169 Wehofer- 20
– Johanna 47169 Kaiser-Wilhelm- 235
– Johanna 47137 Markt- 17a
– Johanna 47137 Paul-Bäumer- 66
– Johanna 47228 Burgfeld 173
– Johannes
47249 Düsseldorfer Land- 171
– Johannes 47249 Westender- 10
– Josef 47249 Dahlien- 35
– Josef 47169 Grillo- 32
– Josef 47139 Knapp- 55
– Josef 47226 Lindenallee 20
– Josef 47198 Neue- 6
– Josefine 47239 Im Niederfeld 2
– Joseph 47053 Musfeld- 165
– Judith 47058 Malteser- 9
– Jürgen 47051 Am Alten Wehrgang 2
– Jürgen 47249 Am Neuenkamp 60d
– Jürgen 47249 Angerhauser- 140
– Jürgen 47269 Angermunder- 125
– Jürgen 47259 Antweiler- 40a
– Jürgen 47259 Antweiler- 12
– Jürgen 47058 Duissern- 31
– Jürgen 47226 Günter- 15
– Jürgen 47169 Heckenweg 10
– Jürgen 47229 In den Kämpen 2a
– Jürgen 47226 Rhein- 1
– Jürgen 47228 Schmiede- 6
– Jürgen 47179 Schubert- 1
– Jürgen 47179 Hoover- 15
– Jürgen 47239 Zum Bruch 13
– Jürgen 47269 Walter-Schönheit- 68
– Julie 47137 Brückel- 110
– Julius 47057 Max-Reger- 8
– Jutta 47269 Franziskus- 11
– Jutta 47279 Kalkweg 156g
– Jutta 47051 Neckar- 7
– Jutta 47139 Sinziger- 15
– Jutta 47137 Turm- 30
– Kai 47249 Watzmann- 65
– Kaija-Kristin 47228 Burgfeld 173
– Karin 47226 Arndt- 11
– Karin 47249 Kaiserswerther- 49b
– Karin 47057 Pappen- 35
– Karin 47169 Ziegelhorst- 86
– Karl 47053 Fröbel- 91
– Karl 47249 Joseph-Haydn- 12
– Karl 47178 Memeler- 41
Einwohner Namen-Teil
A-DU	Firmen, Gewerbebetriebe usw. nach Namen – siehe gelber Teil
